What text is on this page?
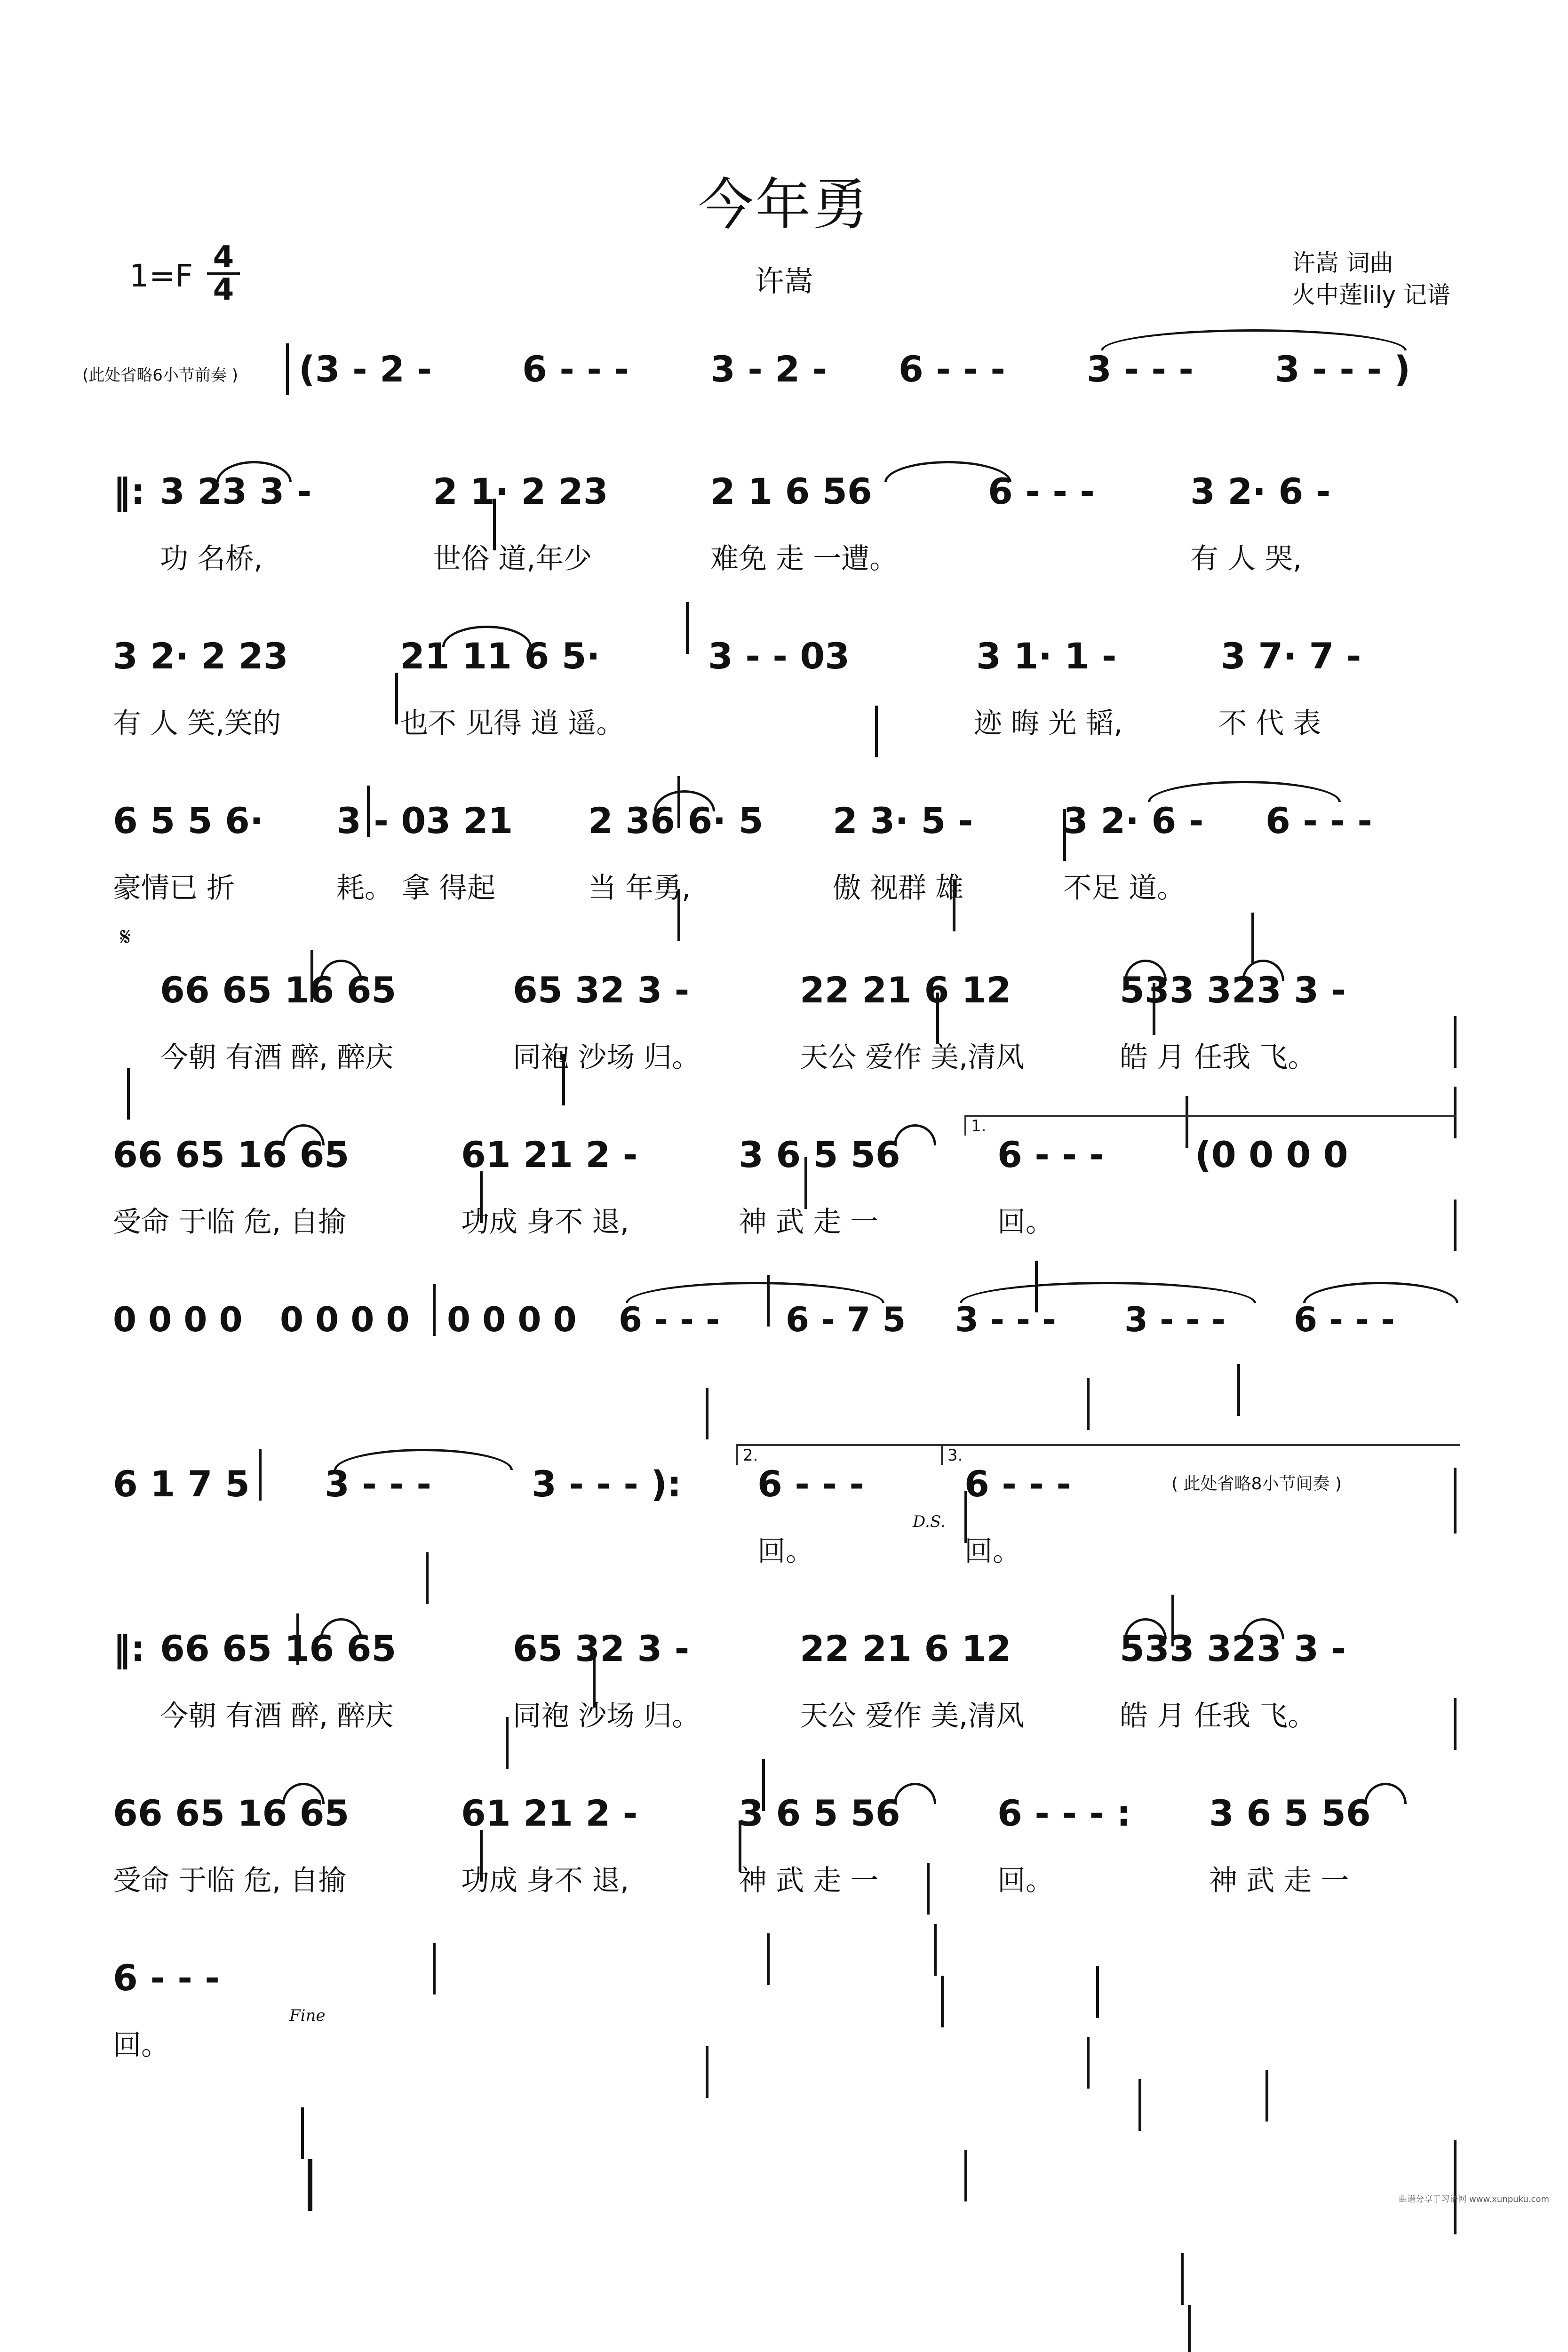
今年勇
1=F
4
4	许嵩
许嵩 词曲
火中莲lily 记谱
(此处省略6小节前奏 )

(3 - 2 -

	6 - - -

3 - 2 -

6 - - -

3 - - -

3 - - - )

‖:

3 23 3 -

	2 1· 2 23

	2 1 6 56

	6 - - -

	3 2· 6 -

功 名桥,

	世俗 道,年少

	难免 走 一遭。

	有 人 哭,

3 2· 2 23

	21 11 6 5·

	3 - - 03

	3 1· 1 -

	3 7· 7 -

有 人 笑,笑的

	也不 见得 逍 遥。

	迹 晦 光 韬,

	不 代 表

6 5 5 6·

3 - 03 21

2 36 6· 5

2 3· 5 -

	3 2· 6 -

6 - - -

豪情已 折

	耗。 拿 得起

	当 年勇,

	傲 视群 雄

	不足 道。

𝄋

66 65 16 65

	65 32 3 -

	22 21 6 12

	533 323 3 -

今朝 有酒 醉, 醉庆

	同袍 沙场 归。

	天公 爱作 美,清风

	皓 月 任我 飞。

1.

66 65 16 65

	61 21 2 -

	3 6 5 56

	6 - - -

	(0 0 0 0

受命 于临 危, 自揄

	功成 身不 退,

	神 武 走 一

	回。

0 0 0 0

0 0 0 0

0 0 0 0

6 - - -

6 - 7 5

3 - - -

3 - - -

6 - - -

2.	3.

6 1 7 5

3 - - -

	3 - - - ):

6 - - -

	6 - - -

	( 此处省略8小节间奏 )

D.S.

回。

	回。

‖:

66 65 16 65

	65 32 3 -

	22 21 6 12

	533 323 3 -

今朝 有酒 醉, 醉庆

	同袍 沙场 归。

	天公 爱作 美,清风

	皓 月 任我 飞。

66 65 16 65

	61 21 2 -

	3 6 5 56

	6 - - - :

3 6 5 56

受命 于临 危, 自揄

	功成 身不 退,

	神 武 走 一

	回。

	神 武 走 一

6 - - -

Fine

回。

曲谱分享于习谱网 www.xunpuku.com
